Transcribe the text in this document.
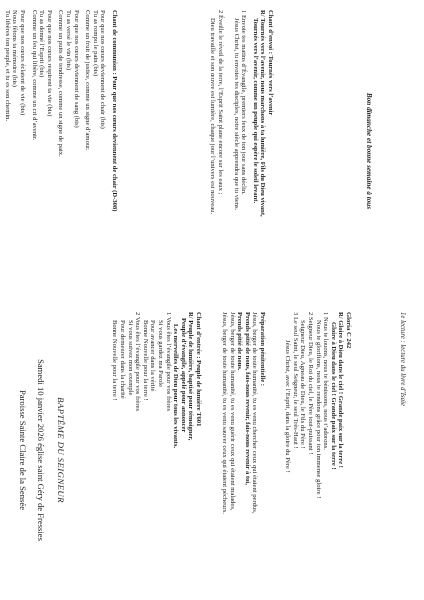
Chant de communion : Pour que nos cœurs deviennent de chair (D-308)
Pour que nos cœurs deviennent de chair (bis)
Tu as rompu le pain (bis)
Comme un fruit de justice, comme un signe d’amour.
Pour que nos cœurs deviennent de sang (bis)
Tu as versé le vin (bis)
Comme un puits de tendresse, comme un signe de paix.
Pour que nos cœurs respirent ta vie (bis)
Tu as donné l’Esprit (bis)
Comme un feu qui libère, comme un cri d’avenir.
Pour que nos cœurs éclatent de vie (bis)
Nous fêtons ta mémoire (bis)
Tu libères ton peuple, et tu es son chemin.	Chant d’envoi : Tournés vers l’avenir
R/ Tournés vers l’avenir, nous marchons à ta lumière, Fils du Dieu vivant,
Tournés vers l’avenir, comme un peuple qui espère le soleil levant.
1 Envoie tes matins d’Évangile, premiers feux de ton jour sans déclin.
Jésus Christ, tu envoies tes disciples, notre siècle apprendra que tu viens.
2 Éveille le réveil de la terre, l’Esprit Saint plane encore sur les eaux ;
Dieu travaille et son œuvre est lumière, chaque jour l’univers est nouveau.	Bon dimanche et bonne semaine à tous
Paroisse Sainte Claire de la Sensée Samedi 10 janvier 2026 église saint Géry de Fressies BAPTÊME DU SEIGNEUR
Chant d’entrée : Peuple de lumière T601
R/ Peuple de lumière, baptisé pour témoigner,
Peuple d’évangile, appelé pour annoncer
Les merveilles de Dieu pour tous les vivants.
1 Vous êtes l’évangile pour vos frères
Si vous gardez ma Parole
Pour avancer dans la vérité
Bonne Nouvelle pour la terre !
2 Vous êtes l’évangile pour vos frères
Si vous suivez mon exemple
Pour demeurer dans la charité
Bonne Nouvelle pour la terre !	Préparation pénitentielle :
Jésus, berger de toute humanité, tu es venu chercher ceux qui étaient perdus,
Prends pitié de nous, fais-nous revenir, fais-nous revenir à toi,
Prends pitié de nous.
Jésus, berger de toute humanité, tu es venu guérir ceux qui étaient malades,
Jésus, berger de toute humanité, tu es venu sauver ceux qui étaient pécheurs.	Gloria C 242
R/ Gloire à Dieu dans le ciel ! Grande paix sur la terre !
Gloire à Dieu dans le ciel ! Grande paix sur la terre !
1 Nous te louons, nous te bénissons, nous t’adorons.
Nous te glorifions, nous te rendons grâce pour ton immense gloire !
2 Seigneur Dieu, le Roi du ciel, le Père tout-puissant !
Seigneur Dieu, Agneau de Dieu, le Fils du Père !
3 Le seul Saint, le seul Seigneur, le seul Très-Haut !
Jésus Christ, avec l’Esprit, dans la gloire du Père !	1e lecture : lecture du livre d’Isaïe
